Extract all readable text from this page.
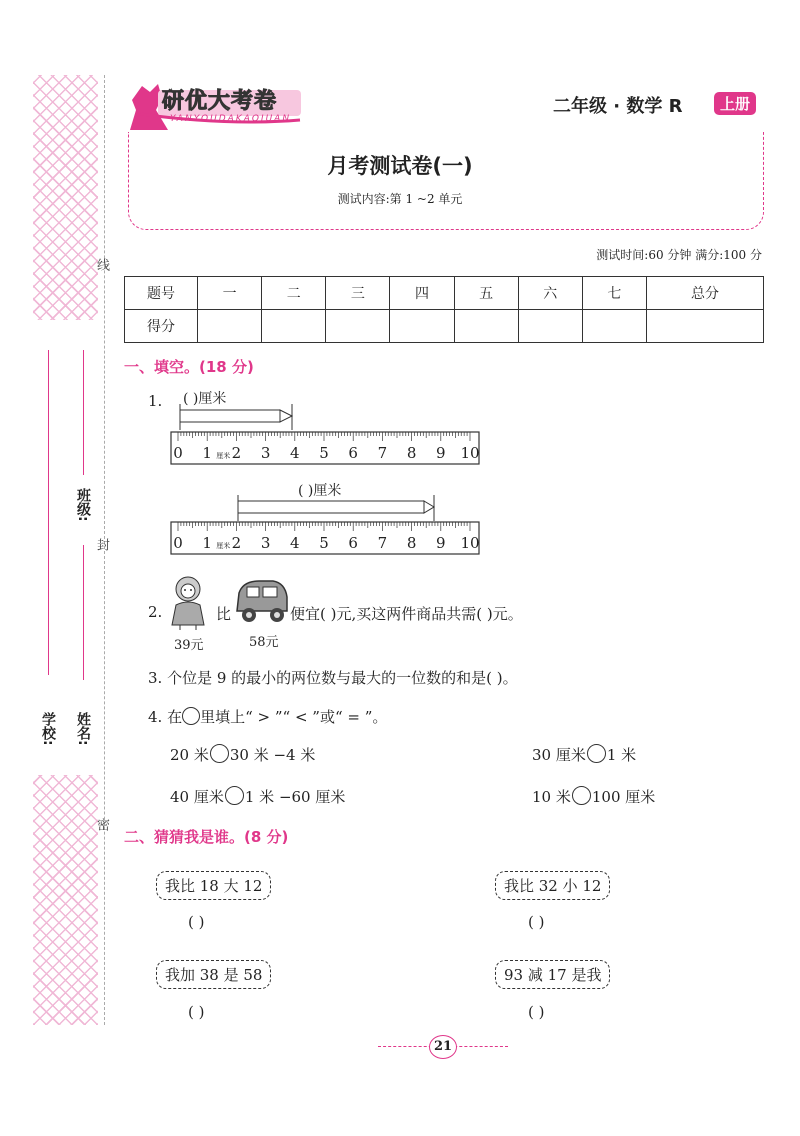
线
封
密
学校:
班级:
姓名:
研优大考卷
YANYOUDAKAOJUAN
二年级 · 数学 R	上册
月考测试卷(一)
测试内容:第 1 ~2 单元
测试时间:60 分钟 满分:100 分
题号	一	二	三	四	五	六	七	总分
得分								
一、填空。(18 分)
1. ( )厘米
0 1 2 3 4 5 6 7 8 9 10
厘米
( )厘米
0 1 2 3 4 5 6 7 8 9 10
厘米
2.
39元
比
58元
便宜( )元,买这两件商品共需( )元。
3. 个位是 9 的最小的两位数与最大的一位数的和是( )。
4. 在 里填上“ > ”“ < ”或“ = ”。
20 米 30 米 −4 米	30 厘米 1 米
40 厘米 1 米 −60 厘米	10 米 100 厘米
二、猜猜我是谁。(8 分)
我比 18 大 12
( )
我比 32 小 12
( )
我加 38 是 58
( )
93 减 17 是我
( )
21
